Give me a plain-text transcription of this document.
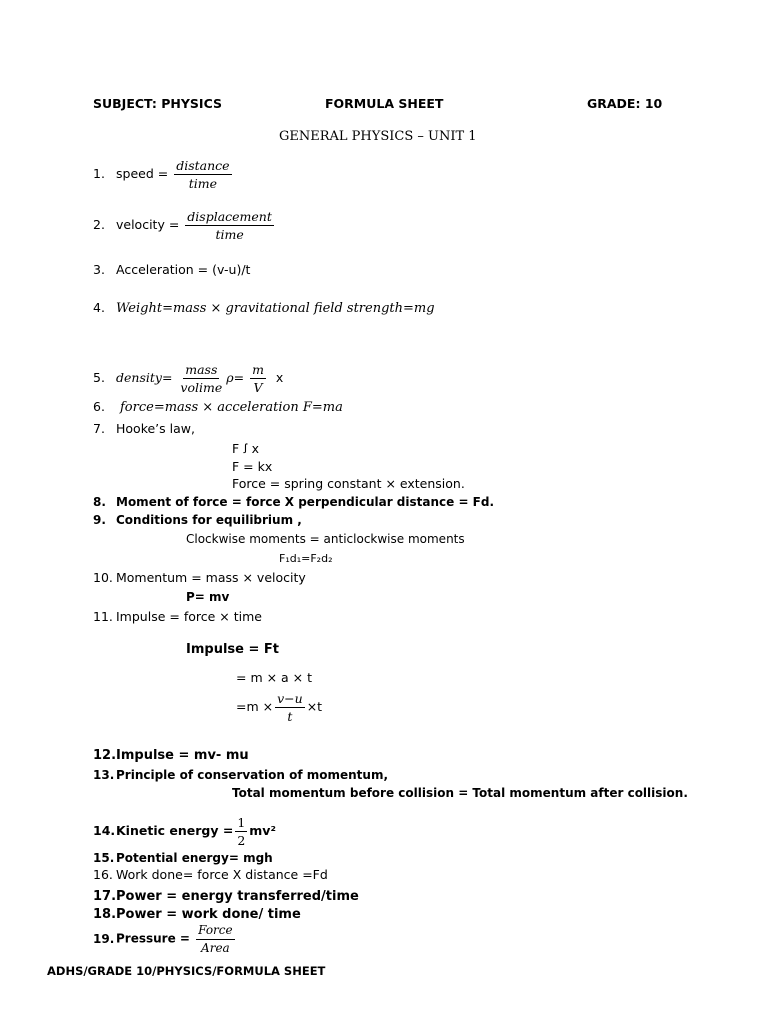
SUBJECT: PHYSICS	FORMULA SHEET	GRADE: 10
GENERAL PHYSICS – UNIT 1
1. speed = $\frac{\text{distance}}{\text{time}}$
2. velocity = $\frac{\text{displacement}}{\text{time}}$
3. Acceleration = (v-u)/t
4. Weight=mass × gravitational field strength=mg
5. density= $\frac{\text{mass}}{volime} \rho= \frac{m}{V}$ x
6. force=mass × acceleration F=ma
7. Hooke’s law,
F ꭍ x
F = kx
Force = spring constant × extension.
8. Moment of force = force X perpendicular distance = Fd.
9. Conditions for equilibrium ,
Clockwise moments = anticlockwise moments
F₁d₁=F₂d₂
10. Momentum = mass × velocity
P= mv
11. Impulse = force × time
Impulse = Ft
= m × a × t
$=m \times \frac{v-u}{t} \times t$
12.Impulse = mv- mu
13. Principle of conservation of momentum,
Total momentum before collision = Total momentum after collision.
14.Kinetic energy = $\frac{1}{2} mv^2$
15. Potential energy= mgh
16. Work done= force X distance =Fd
17.Power = energy transferred/time
18.Power = work done/ time
19. Pressure = $\frac{\text{Force}}{\text{Area}}$
ADHS/GRADE 10/PHYSICS/FORMULA SHEET
